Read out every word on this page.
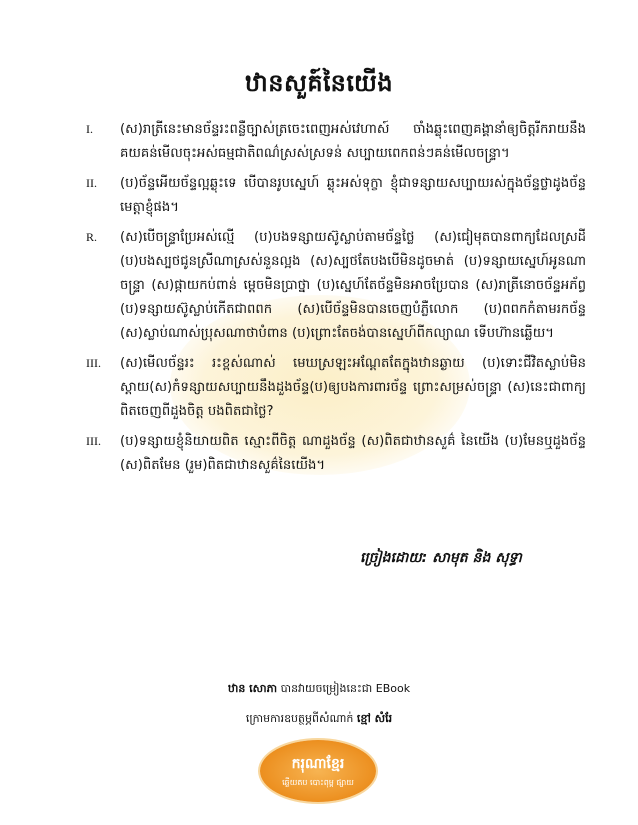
ឋានសួគ៍នៃយើង
I.	(ស)រាត្រីនេះមានច័ន្ទរះពន្លឺច្បាស់ត្រចេះពេញអស់វេហាស៍ ចាំងឆ្លុះពេញគង្គានាំឲ្យចិត្តរីករាយនឹងគយគន់មើលចុះអស់ធម្មជាតិពណ៌ស្រស់ស្រទន់ សប្បាយពេកពន់ៗគន់មើលចន្ទ្រា។
II.	(ប)ច័ន្ទអើយច័ន្ទល្អឆ្ងុះទេ បើបានរូបស្នេហ៍ ឆ្ងុះអស់ទុក្ខា ខ្ញុំជាទន្សាយសប្បាយរស់ក្នុងច័ន្ទថ្លាដូងច័ន្ទមេត្តាខ្ញុំផង។
R.	(ស)បើចន្ទ្រាប្រែអស់ល្មើ (ប)បងទន្សាយស៊ូស្លាប់តាមច័ន្ទថ្លៃ (ស)ជៀមុតបានពាក្យដែលស្រដី (ប)បងស្បថជូនស្រីណាស្រស់នួនល្អង (ស)ស្បថតែបងបើមិនដូចមាត់ (ប)ទន្សាយស្នេហ៍អូនណាចន្ទ្រា (ស)ផ្កាយកប់ពាន់ ម្ដេចមិនប្រាថ្នា (ប)ស្នេហ៍តែច័ន្ទមិនអាចប្រែបាន (ស)រាត្រីនោចច័ន្ទអភ័ព្វ (ប)ទន្សាយស៊ូស្លាប់កើតជាពពក (ស)បើច័ន្ទមិនបានចេញបំភ្លឺលោក (ប)ពពកកំតាមរកច័ន្ទ (ស)ស្លាប់ណាស់ប្រុសណាថាបំពាន (ប)ព្រោះតែចង់បានស្នេហ៍ពីកល្យាណ ទើបហ៊ានឆ្លើយ។
III.	(ស)មើលច័ន្ទរះ រះខ្ពស់ណាស់ មេឃស្រឡះអណ្តែតតែក្នុងឋានឆ្ងាយ (ប)ទោះជីវិតស្លាប់មិនស្តាយ(ស)កំទន្សាយសប្បាយនឹងដួងច័ន្ទ(ប)ឲ្យបងការពារច័ន្ទ ព្រោះសម្រស់ចន្ទ្រា (ស)នេះជាពាក្យពិតចេញពីដួងចិត្ត បងពិតជាថ្លៃ?
III.	(ប)ទន្សាយខ្ញុំនិយាយពិត ស្មោះពីចិត្ត ណាដួងច័ន្ទ (ស)ពិតជាឋានសួគ៌ នៃយើង (ប)មែនឬដួងច័ន្ទ (ស)ពិតមែន (រួម)ពិតជាឋានសួគ៌នៃយើង។
ច្រៀងដោយ: សាមុត និង សុទ្ធា
ឋាន សោភា បានវាយចម្រៀងនេះជា EBook
ក្រោមការឧបត្ថម្ភពីសំណាក់ ខ្មៅ សំរែ
ករុណាខ្មែរ
ឆ្លើយតប បោះពុម្ព ផ្សាយ
